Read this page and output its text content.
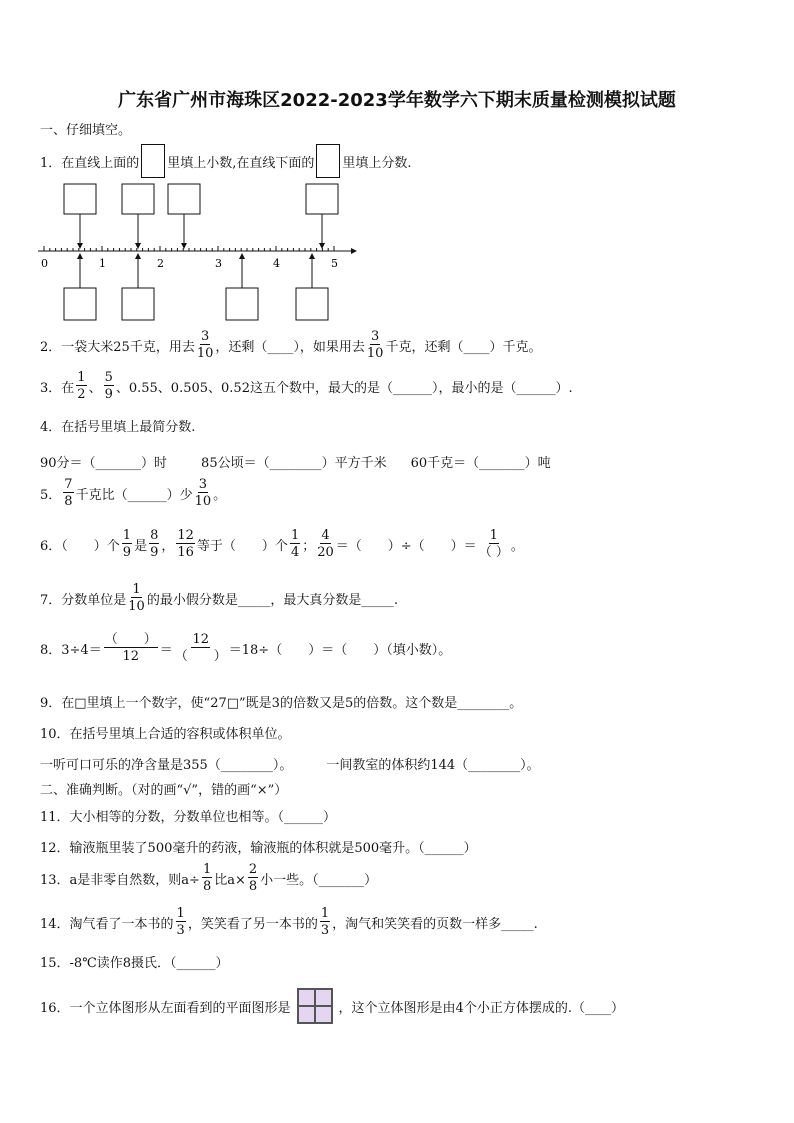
广东省广州市海珠区2022-2023学年数学六下期末质量检测模拟试题
一、仔细填空。
1．在直线上面的 里填上小数,在直线下面的 里填上分数.
0	1	2	3	4	5
2．一袋大米25千克，用去 $\frac{3}{10}$ ，还剩（____），如果用去 $\frac{3}{10}$ 千克，还剩（____）千克。
3．在 $\frac{1}{2}$ 、 $\frac{5}{9}$ 、0.55、0.505、0.52这五个数中，最大的是（______），最小的是（______）.
4．在括号里填上最简分数.
90分＝（_______）时	85公顷＝（________）平方千米 60千克＝（_______）吨
5． $\frac{7}{8}$ 千克比（______）少 $\frac{3}{10}$ 。
6．（　　）个 $\frac{1}{9}$ 是 $\frac{8}{9}$ ， $\frac{12}{16}$ 等于（　　）个 $\frac{1}{4}$ ； $\frac{4}{20}$ ＝（　　）÷（　　）＝ $\frac{1}{( )}$ 。
7．分数单位是 $\frac{1}{10}$ 的最小假分数是_____，最大真分数是_____.
8．$3\div 4= \frac{( )}{12} = \frac{12}{( )} =18\div$（　　）＝（　　）（填小数）。
9．在□里填上一个数字，使“27□”既是3的倍数又是5的倍数。这个数是________。
10．在括号里填上合适的容积或体积单位。
一听可口可乐的净含量是355（________）。	一间教室的体积约144（________）。
二、准确判断。（对的画“√”，错的画“×”）
11．大小相等的分数，分数单位也相等。（______）
12．输液瓶里装了500毫升的药液，输液瓶的体积就是500毫升。（______）
13．a是非零自然数，则$a\div \frac{1}{8}$ 比$a\times \frac{2}{8}$ 小一些。（_______）
14．淘气看了一本书的 $\frac{1}{3}$ ，笑笑看了另一本书的 $\frac{1}{3}$ ，淘气和笑笑看的页数一样多_____.
15．-8℃读作8摄氏．（______）
16．一个立体图形从左面看到的平面图形是	，这个立体图形是由4个小正方体摆成的.（____）
